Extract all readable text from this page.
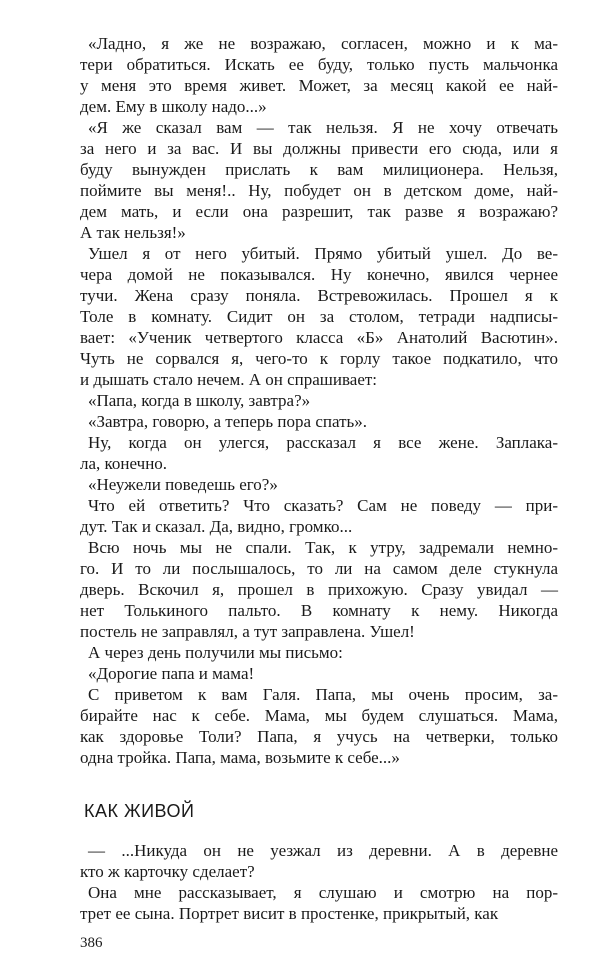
«Ладно, я же не возражаю, согласен, можно и к ма-
тери обратиться. Искать ее буду, только пусть мальчонка
у меня это время живет. Может, за месяц какой ее най-
дем. Ему в школу надо...»
«Я же сказал вам — так нельзя. Я не хочу отвечать
за него и за вас. И вы должны привести его сюда, или я
буду вынужден прислать к вам милиционера. Нельзя,
поймите вы меня!.. Ну, побудет он в детском доме, най-
дем мать, и если она разрешит, так разве я возражаю?
А так нельзя!»
Ушел я от него убитый. Прямо убитый ушел. До ве-
чера домой не показывался. Ну конечно, явился чернее
тучи. Жена сразу поняла. Встревожилась. Прошел я к
Толе в комнату. Сидит он за столом, тетради надписы-
вает: «Ученик четвертого класса «Б» Анатолий Васютин».
Чуть не сорвался я, чего-то к горлу такое подкатило, что
и дышать стало нечем. А он спрашивает:
«Папа, когда в школу, завтра?»
«Завтра, говорю, а теперь пора спать».
Ну, когда он улегся, рассказал я все жене. Заплака-
ла, конечно.
«Неужели поведешь его?»
Что ей ответить? Что сказать? Сам не поведу — при-
дут. Так и сказал. Да, видно, громко...
Всю ночь мы не спали. Так, к утру, задремали немно-
го. И то ли послышалось, то ли на самом деле стукнула
дверь. Вскочил я, прошел в прихожую. Сразу увидал —
нет Толькиного пальто. В комнату к нему. Никогда
постель не заправлял, а тут заправлена. Ушел!
А через день получили мы письмо:
«Дорогие папа и мама!
С приветом к вам Галя. Папа, мы очень просим, за-
бирайте нас к себе. Мама, мы будем слушаться. Мама,
как здоровье Толи? Папа, я учусь на четверки, только
одна тройка. Папа, мама, возьмите к себе...»
КАК ЖИВОЙ
— ...Никуда он не уезжал из деревни. А в деревне
кто ж карточку сделает?
Она мне рассказывает, я слушаю и смотрю на пор-
трет ее сына. Портрет висит в простенке, прикрытый, как
386
